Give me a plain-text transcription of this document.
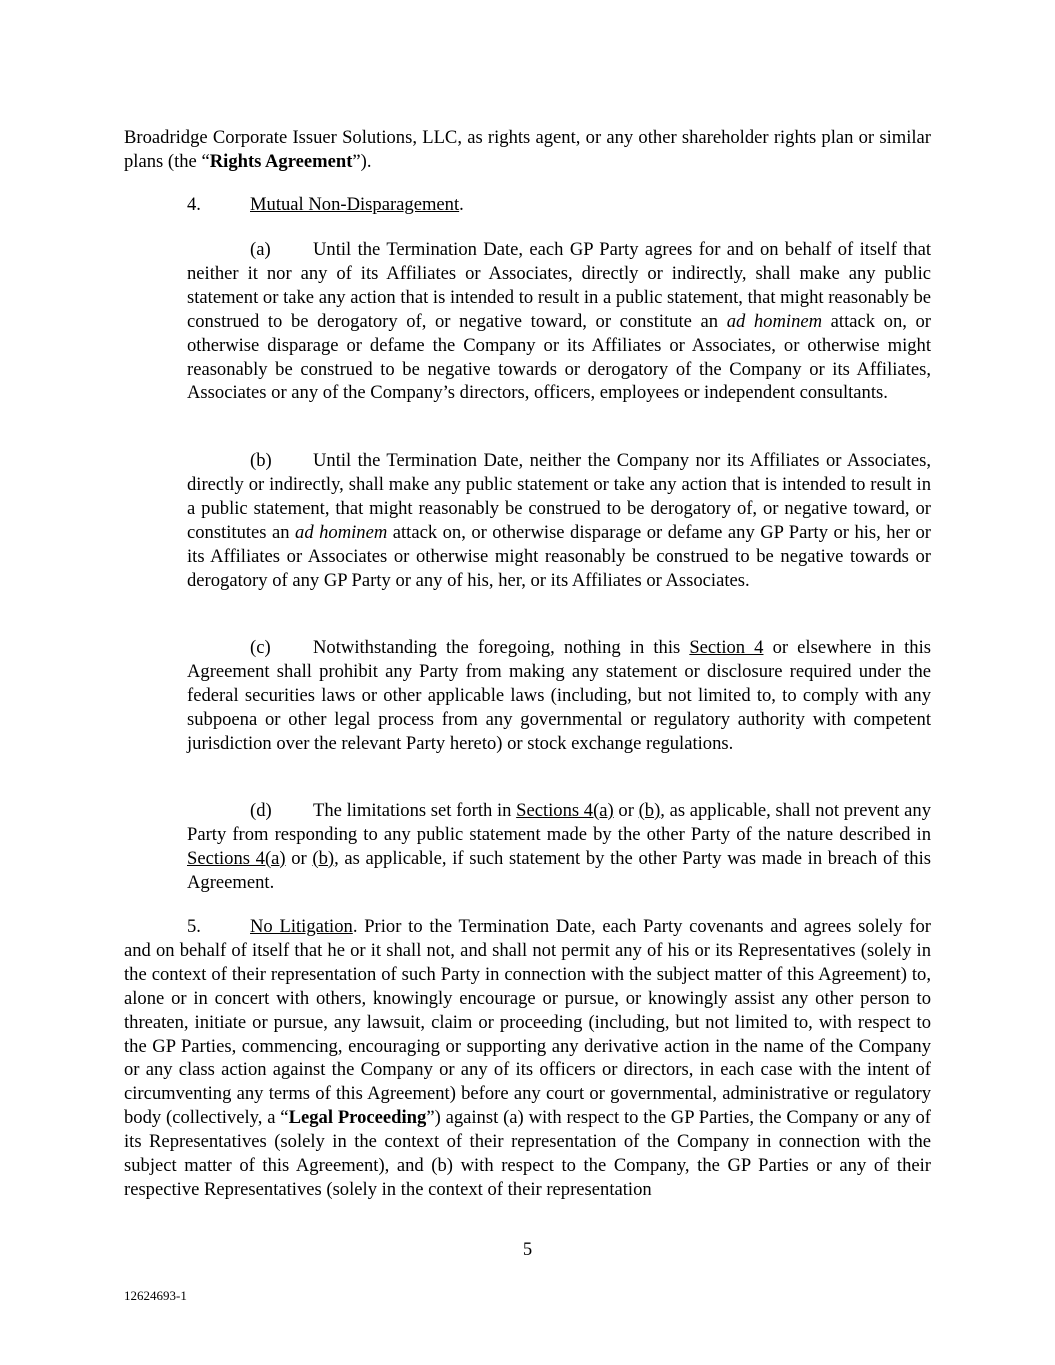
Broadridge Corporate Issuer Solutions, LLC, as rights agent, or any other shareholder rights plan or similar plans (the “Rights Agreement”).
4.	Mutual Non-Disparagement.
(a) Until the Termination Date, each GP Party agrees for and on behalf of itself that neither it nor any of its Affiliates or Associates, directly or indirectly, shall make any public statement or take any action that is intended to result in a public statement, that might reasonably be construed to be derogatory of, or negative toward, or constitute an ad hominem attack on, or otherwise disparage or defame the Company or its Affiliates or Associates, or otherwise might reasonably be construed to be negative towards or derogatory of the Company or its Affiliates, Associates or any of the Company’s directors, officers, employees or independent consultants.
(b) Until the Termination Date, neither the Company nor its Affiliates or Associates, directly or indirectly, shall make any public statement or take any action that is intended to result in a public statement, that might reasonably be construed to be derogatory of, or negative toward, or constitutes an ad hominem attack on, or otherwise disparage or defame any GP Party or his, her or its Affiliates or Associates or otherwise might reasonably be construed to be negative towards or derogatory of any GP Party or any of his, her, or its Affiliates or Associates.
(c) Notwithstanding the foregoing, nothing in this Section 4 or elsewhere in this Agreement shall prohibit any Party from making any statement or disclosure required under the federal securities laws or other applicable laws (including, but not limited to, to comply with any subpoena or other legal process from any governmental or regulatory authority with competent jurisdiction over the relevant Party hereto) or stock exchange regulations.
(d) The limitations set forth in Sections 4(a) or (b), as applicable, shall not prevent any Party from responding to any public statement made by the other Party of the nature described in Sections 4(a) or (b), as applicable, if such statement by the other Party was made in breach of this Agreement.
5.	No Litigation. Prior to the Termination Date, each Party covenants and agrees solely for and on behalf of itself that he or it shall not, and shall not permit any of his or its Representatives (solely in the context of their representation of such Party in connection with the subject matter of this Agreement) to, alone or in concert with others, knowingly encourage or pursue, or knowingly assist any other person to threaten, initiate or pursue, any lawsuit, claim or proceeding (including, but not limited to, with respect to the GP Parties, commencing, encouraging or supporting any derivative action in the name of the Company or any class action against the Company or any of its officers or directors, in each case with the intent of circumventing any terms of this Agreement) before any court or governmental, administrative or regulatory body (collectively, a “Legal Proceeding”) against (a) with respect to the GP Parties, the Company or any of its Representatives (solely in the context of their representation of the Company in connection with the subject matter of this Agreement), and (b) with respect to the Company, the GP Parties or any of their respective Representatives (solely in the context of their representation
5
12624693-1
